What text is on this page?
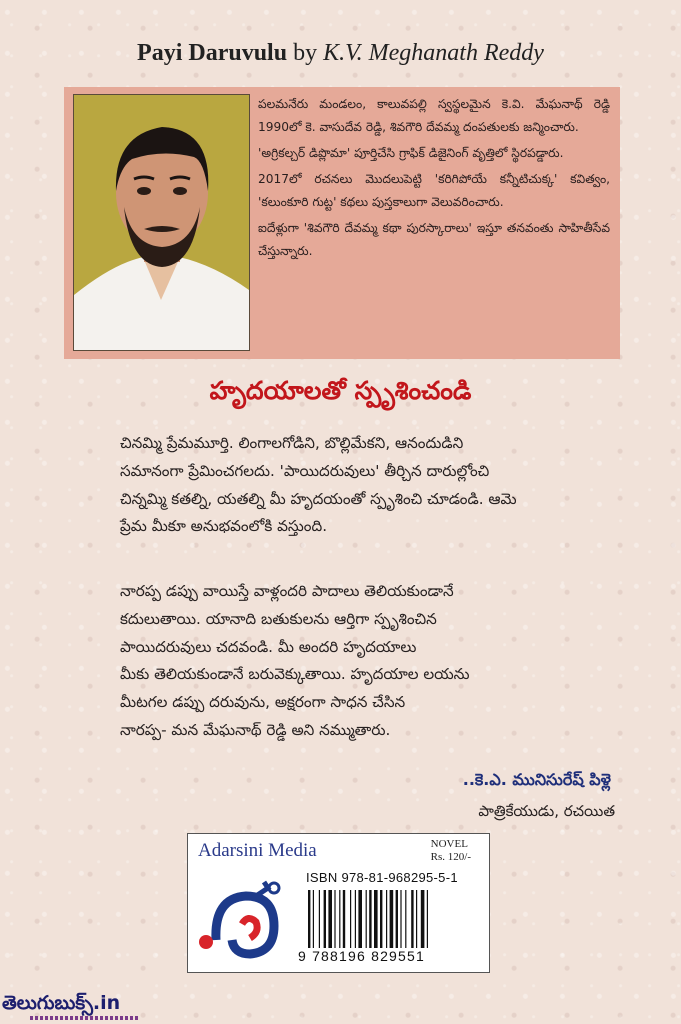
Payi Daruvulu by K.V. Meghanath Reddy

పలమనేరు మండలం, కాలువపల్లి స్వస్థలమైన కె.వి. మేఘనాథ్ రెడ్డి 1990లో కె. వాసుదేవ రెడ్డి, శివగౌరి దేవమ్మ దంపతులకు జన్మించారు.

'అగ్రికల్చర్ డిప్లొమా' పూర్తిచేసి గ్రాఫిక్ డిజైనింగ్ వృత్తిలో స్థిరపడ్డారు.

2017లో రచనలు మొదలుపెట్టి 'కరిగిపోయే కన్నీటిచుక్క' కవిత్వం, 'కలుంకూరి గుట్ట' కథలు పుస్తకాలుగా వెలువరించారు.

ఐదేళ్లుగా 'శివగౌరి దేవమ్మ కథా పురస్కారాలు' ఇస్తూ తనవంతు సాహితీసేవ చేస్తున్నారు.

హృదయాలతో స్పృశించండి
చినమ్మి ప్రేమమూర్తి. లింగాలగోడిని, బొల్లిమేకని, ఆనందుడిని
సమానంగా ప్రేమించగలదు. 'పాయిదరువులు' తీర్చిన దారుల్లోంచి
చిన్నమ్మి కతల్ని, యతల్ని మీ హృదయంతో స్పృశించి చూడండి. ఆమె
ప్రేమ మీకూ అనుభవంలోకి వస్తుంది.
నారప్ప డప్పు వాయిస్తే వాళ్లందరి పాదాలు తెలియకుండానే
కదులుతాయి. యానాది బతుకులను ఆర్తిగా స్పృశించిన
పాయిదరువులు చదవండి. మీ అందరి హృదయాలు
మీకు తెలియకుండానే బరువెక్కుతాయి. హృదయాల లయను
మీటగల డప్పు దరువును, అక్షరంగా సాధన చేసిన
నారప్ప- మన మేఘనాథ్ రెడ్డి అని నమ్ముతారు.
..కె.ఎ. మునిసురేష్ పిళ్లె
పాత్రికేయుడు, రచయిత
Adarsini Media	NOVEL
Rs. 120/-
ISBN 978-81-968295-5-1
9 788196 829551
తెలుగుబుక్స్.in
